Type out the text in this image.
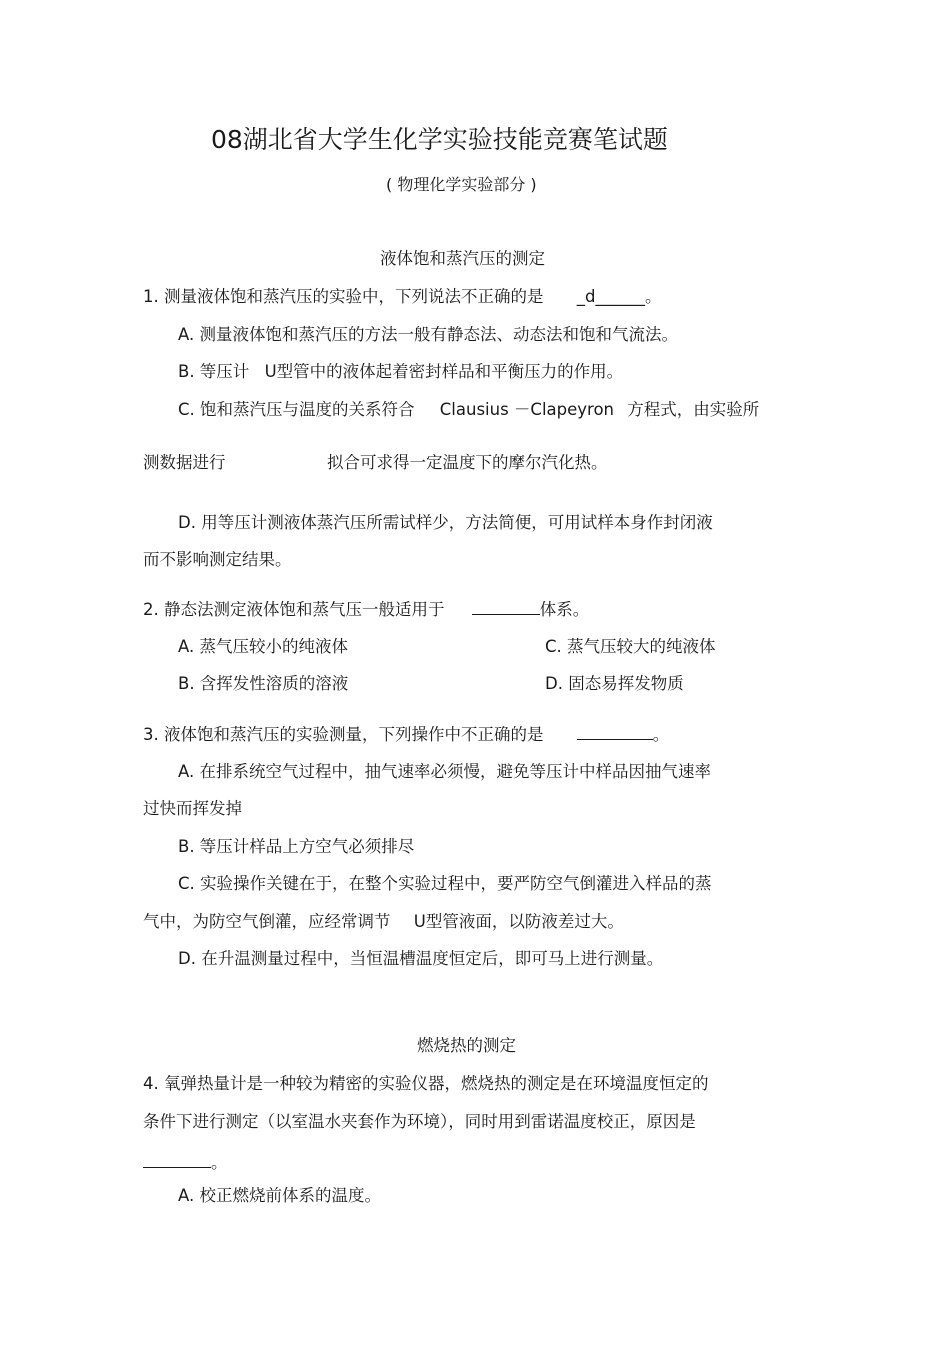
08湖北省大学生化学实验技能竞赛笔试题
( 物理化学实验部分 )
液体饱和蒸汽压的测定
1. 测量液体饱和蒸汽压的实验中，下列说法不正确的是 _d______。
A. 测量液体饱和蒸汽压的方法一般有静态法、动态法和饱和气流法。
B. 等压计 U型管中的液体起着密封样品和平衡压力的作用。
C. 饱和蒸汽压与温度的关系符合 Clausius －Clapeyron 方程式，由实验所
测数据进行	拟合可求得一定温度下的摩尔汽化热。
D. 用等压计测液体蒸汽压所需试样少，方法简便，可用试样本身作封闭液
而不影响测定结果。
2. 静态法测定液体饱和蒸气压一般适用于	体系。
A. 蒸气压较小的纯液体	C. 蒸气压较大的纯液体
B. 含挥发性溶质的溶液	D. 固态易挥发物质
3. 液体饱和蒸汽压的实验测量，下列操作中不正确的是	。
A. 在排系统空气过程中，抽气速率必须慢，避免等压计中样品因抽气速率
过快而挥发掉
B. 等压计样品上方空气必须排尽
C. 实验操作关键在于，在整个实验过程中，要严防空气倒灌进入样品的蒸
气中，为防空气倒灌，应经常调节 U型管液面，以防液差过大。
D. 在升温测量过程中，当恒温槽温度恒定后，即可马上进行测量。
燃烧热的测定
4. 氧弹热量计是一种较为精密的实验仪器，燃烧热的测定是在环境温度恒定的
条件下进行测定（以室温水夹套作为环境），同时用到雷诺温度校正，原因是
。
A. 校正燃烧前体系的温度。
